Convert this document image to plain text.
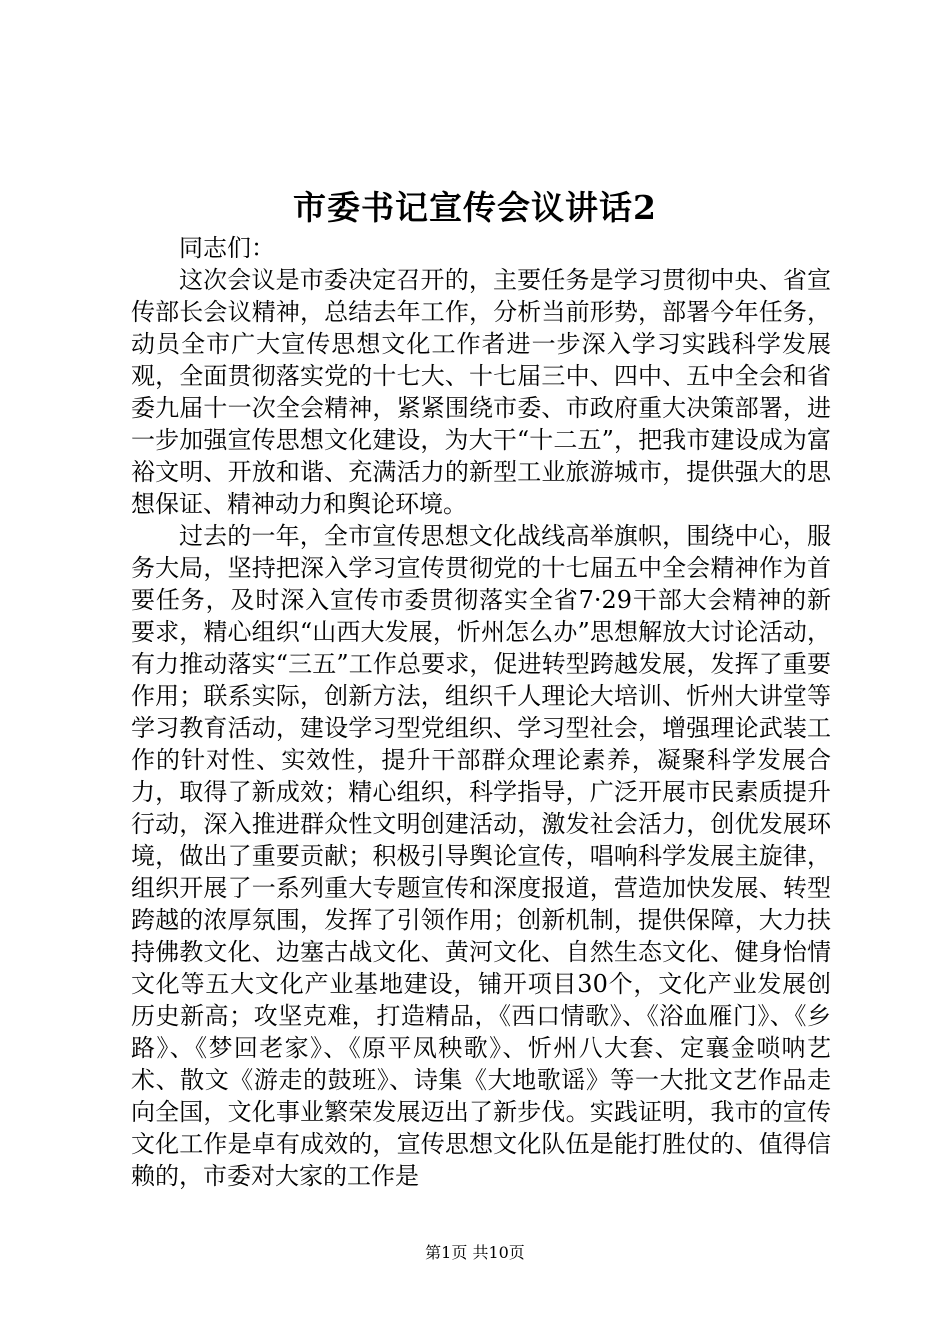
市委书记宣传会议讲话2

同志们：

这次会议是市委决定召开的，主要任务是学习贯彻中央、省宣传部长会议精神，总结去年工作，分析当前形势，部署今年任务，动员全市广大宣传思想文化工作者进一步深入学习实践科学发展观，全面贯彻落实党的十七大、十七届三中、四中、五中全会和省委九届十一次全会精神，紧紧围绕市委、市政府重大决策部署，进一步加强宣传思想文化建设，为大干“十二五”，把我市建设成为富裕文明、开放和谐、充满活力的新型工业旅游城市，提供强大的思想保证、精神动力和舆论环境。

过去的一年，全市宣传思想文化战线高举旗帜，围绕中心，服务大局，坚持把深入学习宣传贯彻党的十七届五中全会精神作为首要任务，及时深入宣传市委贯彻落实全省7·29干部大会精神的新要求，精心组织“山西大发展，忻州怎么办”思想解放大讨论活动，有力推动落实“三五”工作总要求，促进转型跨越发展，发挥了重要作用；联系实际，创新方法，组织千人理论大培训、忻州大讲堂等学习教育活动，建设学习型党组织、学习型社会，增强理论武装工作的针对性、实效性，提升干部群众理论素养，凝聚科学发展合力，取得了新成效；精心组织，科学指导，广泛开展市民素质提升行动，深入推进群众性文明创建活动，激发社会活力，创优发展环境，做出了重要贡献；积极引导舆论宣传，唱响科学发展主旋律，组织开展了一系列重大专题宣传和深度报道，营造加快发展、转型跨越的浓厚氛围，发挥了引领作用；创新机制，提供保障，大力扶持佛教文化、边塞古战文化、黄河文化、自然生态文化、健身怡情文化等五大文化产业基地建设，铺开项目30个，文化产业发展创历史新高；攻坚克难，打造精品，《西口情歌》、《浴血雁门》、《乡路》、《梦回老家》、《原平凤秧歌》、忻州八大套、定襄金唢呐艺术、散文《游走的鼓班》、诗集《大地歌谣》等一大批文艺作品走向全国，文化事业繁荣发展迈出了新步伐。实践证明，我市的宣传文化工作是卓有成效的，宣传思想文化队伍是能打胜仗的、值得信赖的，市委对大家的工作是

第1页 共10页
